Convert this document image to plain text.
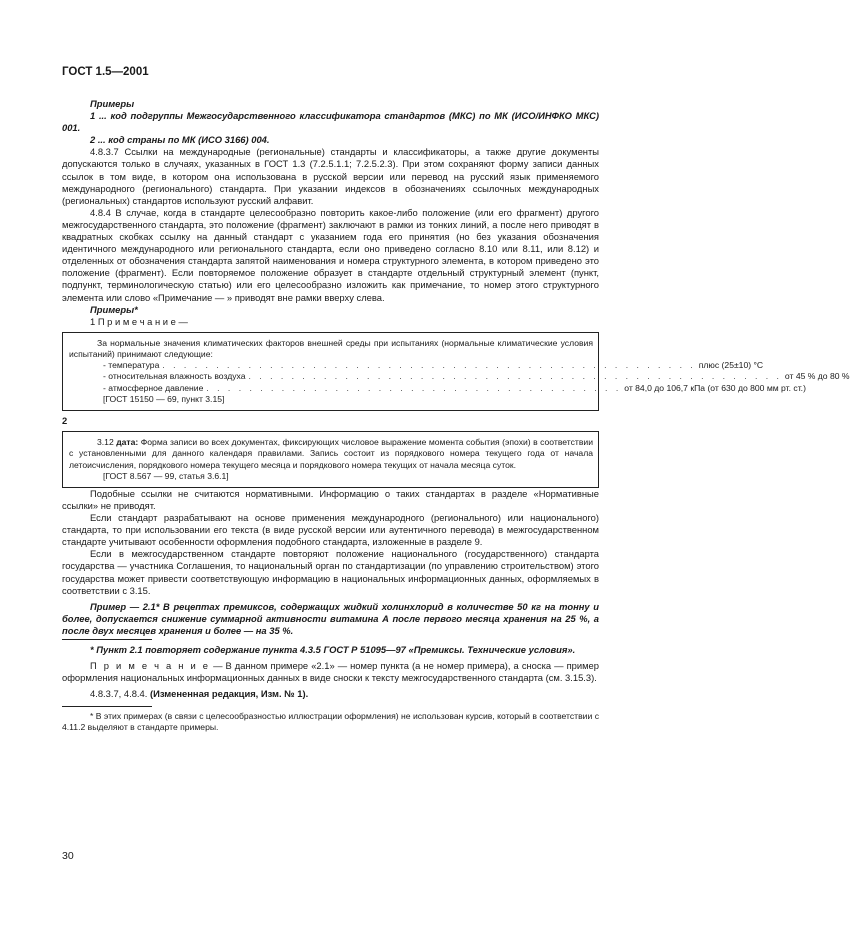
ГОСТ 1.5—2001

Примеры

1 ... код подгруппы Межгосударственного классификатора стандартов (МКС) по МК (ИСО/ИНФКО МКС) 001.

2 ... код страны по МК (ИСО 3166) 004.

4.8.3.7 Ссылки на международные (региональные) стандарты и классификаторы, а также другие документы допускаются только в случаях, указанных в ГОСТ 1.3 (7.2.5.1.1; 7.2.5.2.3). При этом сохраняют форму записи данных ссылок в том виде, в котором она использована в русской версии или перевод на русский язык применяемого международного (регионального) стандарта. При указании индексов в обозначениях ссылочных международных (региональных) стандартов используют русский алфавит.

4.8.4 В случае, когда в стандарте целесообразно повторить какое-либо положение (или его фрагмент) другого межгосударственного стандарта, это положение (фрагмент) заключают в рамки из тонких линий, а после него приводят в квадратных скобках ссылку на данный стандарт с указанием года его принятия (но без указания обозначения идентичного международного или регионального стандарта, если оно приведено согласно 8.10 или 8.11, или 8.12) и отделенных от обозначения стандарта запятой наименования и номера структурного элемента, в котором приведено это положение (фрагмент). Если повторяемое положение образует в стандарте отдельный структурный элемент (пункт, подпункт, терминологическую статью) или его целесообразно изложить как примечание, то номер этого структурного элемента или слово «Примечание — » приводят вне рамки вверху слева.

Примеры*

1 П р и м е ч а н и е —

За нормальные значения климатических факторов внешней среды при испытаниях (нормальные климатические условия испытаний) принимают следующие:

- температура . . . . . . . . . . . . . . . . . . . . . . . . . . . . . . . . . . . . . . . . . . . . . . . . . . плюс (25±10) °С
- относительная влажность воздуха . . . . . . . . . . . . . . . . . . . . . . . . . . . . . . . . . . . . . . . . . . . . . . . . . . от 45 % до 80 %
- атмосферное давление . . . . . . . . . . . . . . . . . . . . . . . . . . . . . . . . . . . . . . . от 84,0 до 106,7 кПа (от 630 до 800 мм рт. ст.)

[ГОСТ 15150 — 69, пункт 3.15]

2

3.12 дата: Форма записи во всех документах, фиксирующих числовое выражение момента события (эпохи) в соответствии с установленными для данного календаря правилами. Запись состоит из порядкового номера текущего года от начала летоисчисления, порядкового номера текущего месяца и порядкового номера текущих от начала месяца суток.

[ГОСТ 8.567 — 99, статья 3.6.1]

Подобные ссылки не считаются нормативными. Информацию о таких стандартах в разделе «Нормативные ссылки» не приводят.

Если стандарт разрабатывают на основе применения международного (регионального) или национального) стандарта, то при использовании его текста (в виде русской версии или аутентичного перевода) в межгосударственном стандарте учитывают особенности оформления подобного стандарта, изложенные в разделе 9.

Если в межгосударственном стандарте повторяют положение национального (государственного) стандарта государства — участника Соглашения, то национальный орган по стандартизации (по управлению строительством) этого государства может привести соответствующую информацию в национальных информационных данных, оформляемых в соответствии с 3.15.

Пример — 2.1* В рецептах премиксов, содержащих жидкий холинхлорид в количестве 50 кг на тонну и более, допускается снижение суммарной активности витамина А после первого месяца хранения на 25 %, а после двух месяцев хранения и более — на 35 %.

* Пункт 2.1 повторяет содержание пункта 4.3.5 ГОСТ Р 51095—97 «Премиксы. Технические условия».

П р и м е ч а н и е — В данном примере «2.1» — номер пункта (а не номер примера), а сноска — пример оформления национальных информационных данных в виде сноски к тексту межгосударственного стандарта (см. 3.15.3).

4.8.3.7, 4.8.4. (Измененная редакция, Изм. № 1).

* В этих примерах (в связи с целесообразностью иллюстрации оформления) не использован курсив, который в соответствии с 4.11.2 выделяют в стандарте примеры.

30
